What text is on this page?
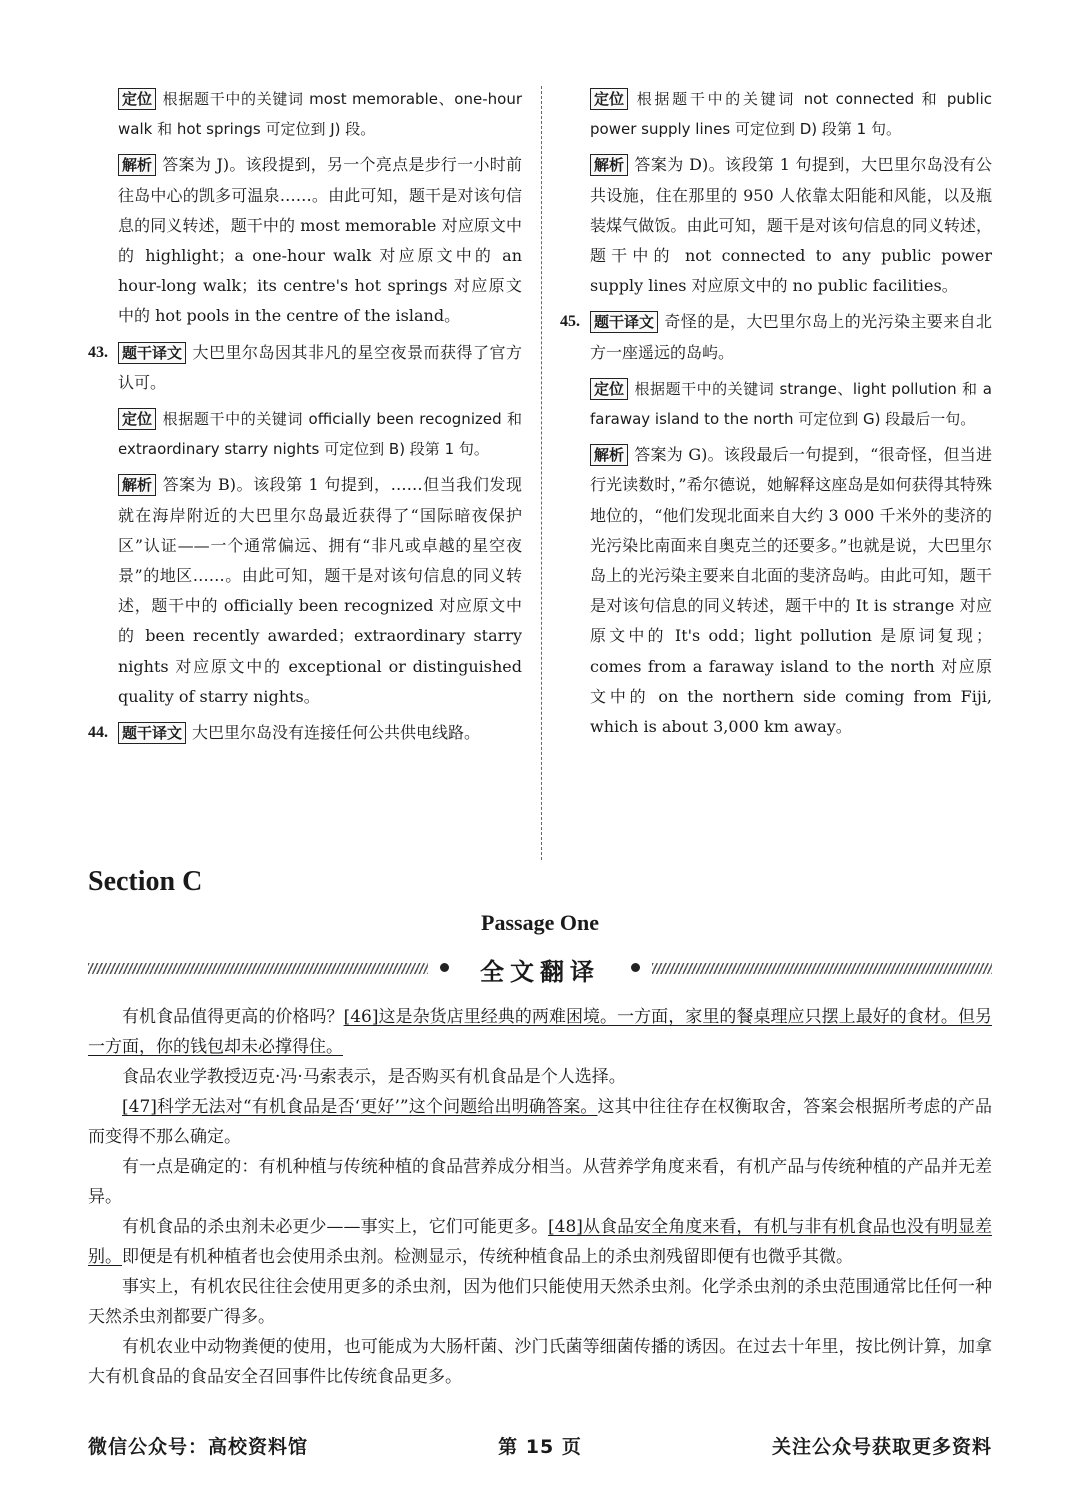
定位 根据题干中的关键词 most memorable、one-hour walk 和 hot springs 可定位到 J) 段。

解析 答案为 J)。该段提到，另一个亮点是步行一小时前往岛中心的凯多可温泉……。由此可知，题干是对该句信息的同义转述，题干中的 most memorable 对应原文中的 highlight；a one-hour walk 对应原文中的 an hour-long walk；its centre's hot springs 对应原文中的 hot pools in the centre of the island。

43. 题干译文 大巴里尔岛因其非凡的星空夜景而获得了官方认可。

定位 根据题干中的关键词 officially been recognized 和 extraordinary starry nights 可定位到 B) 段第 1 句。

解析 答案为 B)。该段第 1 句提到，……但当我们发现就在海岸附近的大巴里尔岛最近获得了“国际暗夜保护区”认证——一个通常偏远、拥有“非凡或卓越的星空夜景”的地区……。由此可知，题干是对该句信息的同义转述，题干中的 officially been recognized 对应原文中的 been recently awarded；extraordinary starry nights 对应原文中的 exceptional or distinguished quality of starry nights。

44. 题干译文 大巴里尔岛没有连接任何公共供电线路。

定位 根据题干中的关键词 not connected 和 public power supply lines 可定位到 D) 段第 1 句。

解析 答案为 D)。该段第 1 句提到，大巴里尔岛没有公共设施，住在那里的 950 人依靠太阳能和风能，以及瓶装煤气做饭。由此可知，题干是对该句信息的同义转述，题干中的 not connected to any public power supply lines 对应原文中的 no public facilities。

45. 题干译文 奇怪的是，大巴里尔岛上的光污染主要来自北方一座遥远的岛屿。

定位 根据题干中的关键词 strange、light pollution 和 a faraway island to the north 可定位到 G) 段最后一句。

解析 答案为 G)。该段最后一句提到，“很奇怪，但当进行光读数时，”希尔德说，她解释这座岛是如何获得其特殊地位的，“他们发现北面来自大约 3 000 千米外的斐济的光污染比南面来自奥克兰的还要多。”也就是说，大巴里尔岛上的光污染主要来自北面的斐济岛屿。由此可知，题干是对该句信息的同义转述，题干中的 It is strange 对应原文中的 It's odd；light pollution 是原词复现；comes from a faraway island to the north 对应原文中的 on the northern side coming from Fiji, which is about 3,000 km away。

Section C
Passage One
全文翻译

有机食品值得更高的价格吗？[46]这是杂货店里经典的两难困境。一方面，家里的餐桌理应只摆上最好的食材。但另一方面，你的钱包却未必撑得住。

食品农业学教授迈克·冯·马索表示，是否购买有机食品是个人选择。

[47]科学无法对“有机食品是否‘更好’”这个问题给出明确答案。这其中往往存在权衡取舍，答案会根据所考虑的产品而变得不那么确定。

有一点是确定的：有机种植与传统种植的食品营养成分相当。从营养学角度来看，有机产品与传统种植的产品并无差异。

有机食品的杀虫剂未必更少——事实上，它们可能更多。[48]从食品安全角度来看，有机与非有机食品也没有明显差别。即便是有机种植者也会使用杀虫剂。检测显示，传统种植食品上的杀虫剂残留即便有也微乎其微。

事实上，有机农民往往会使用更多的杀虫剂，因为他们只能使用天然杀虫剂。化学杀虫剂的杀虫范围通常比任何一种天然杀虫剂都要广得多。

有机农业中动物粪便的使用，也可能成为大肠杆菌、沙门氏菌等细菌传播的诱因。在过去十年里，按比例计算，加拿大有机食品的食品安全召回事件比传统食品更多。

微信公众号：高校资料馆	第 15 页	关注公众号获取更多资料
